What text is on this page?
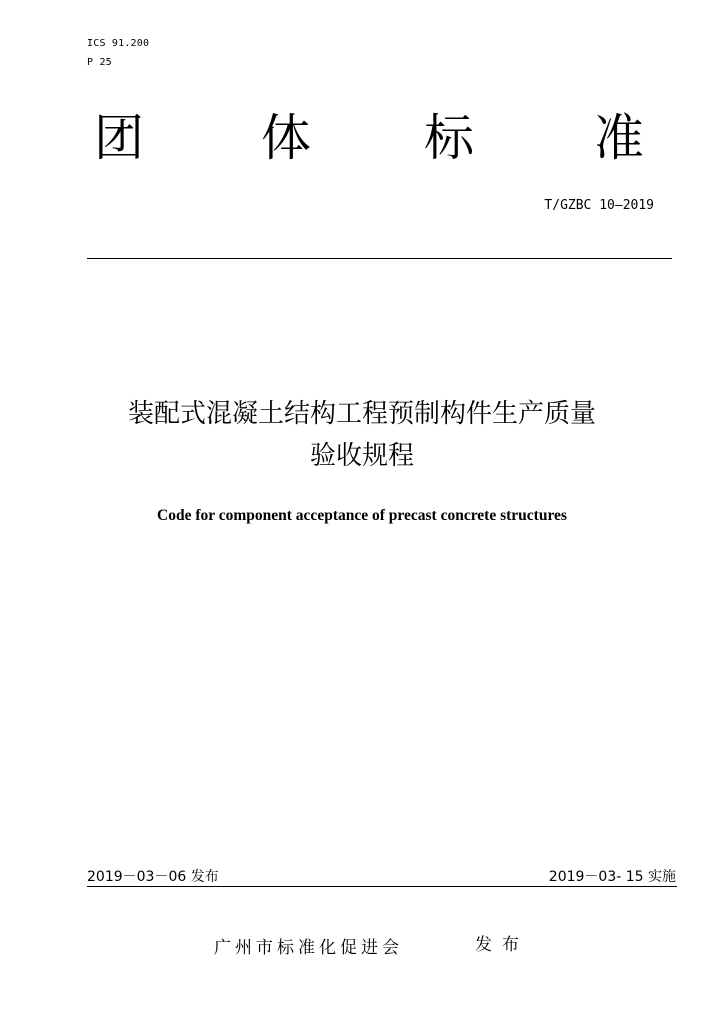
ICS 91.200
P 25
团 体 标 准
T/GZBC 10—2019
装配式混凝土结构工程预制构件生产质量
验收规程
Code for component acceptance of precast concrete structures
2019－03－06 发布	2019－03- 15 实施
广州市标准化促进会	发布
